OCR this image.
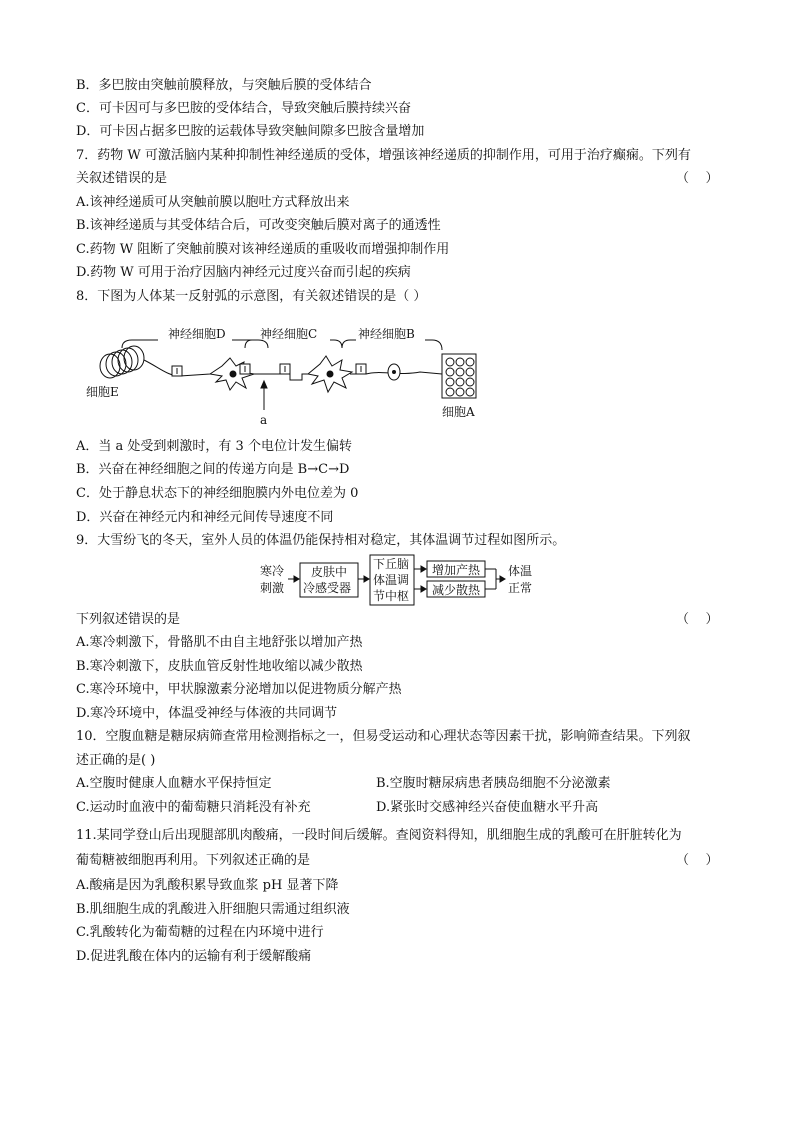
B．多巴胺由突触前膜释放，与突触后膜的受体结合
C．可卡因可与多巴胺的受体结合，导致突触后膜持续兴奋
D．可卡因占据多巴胺的运载体导致突触间隙多巴胺含量增加
7．药物 W 可激活脑内某种抑制性神经递质的受体，增强该神经递质的抑制作用，可用于治疗癫痫。下列有
关叙述错误的是	（    ）
A.该神经递质可从突触前膜以胞吐方式释放出来
B.该神经递质与其受体结合后，可改变突触后膜对离子的通透性
C.药物 W 阻断了突触前膜对该神经递质的重吸收而增强抑制作用
D.药物 W 可用于治疗因脑内神经元过度兴奋而引起的疾病
8．下图为人体某一反射弧的示意图，有关叙述错误的是（ ）
神经细胞D	神经细胞C	神经细胞B
细胞E
a
细胞A
A．当 a 处受到刺激时，有 3 个电位计发生偏转
B．兴奋在神经细胞之间的传递方向是 B→C→D
C．处于静息状态下的神经细胞膜内外电位差为 0
D．兴奋在神经元内和神经元间传导速度不同
9．大雪纷飞的冬天，室外人员的体温仍能保持相对稳定，其体温调节过程如图所示。
寒冷
刺激
皮肤中
冷感受器
下丘脑
体温调
节中枢
增加产热
减少散热
体温
正常
下列叙述错误的是	（    ）
A.寒冷刺激下，骨骼肌不由自主地舒张以增加产热
B.寒冷刺激下，皮肤血管反射性地收缩以减少散热
C.寒冷环境中，甲状腺激素分泌增加以促进物质分解产热
D.寒冷环境中，体温受神经与体液的共同调节
10．空腹血糖是糖尿病筛查常用检测指标之一，但易受运动和心理状态等因素干扰，影响筛查结果。下列叙
述正确的是( )
A.空腹时健康人血糖水平保持恒定	B.空腹时糖尿病患者胰岛细胞不分泌激素
C.运动时血液中的葡萄糖只消耗没有补充	D.紧张时交感神经兴奋使血糖水平升高
11.某同学登山后出现腿部肌肉酸痛，一段时间后缓解。查阅资料得知，肌细胞生成的乳酸可在肝脏转化为
葡萄糖被细胞再利用。下列叙述正确的是	（    ）
A.酸痛是因为乳酸积累导致血浆 pH 显著下降
B.肌细胞生成的乳酸进入肝细胞只需通过组织液
C.乳酸转化为葡萄糖的过程在内环境中进行
D.促进乳酸在体内的运输有利于缓解酸痛
